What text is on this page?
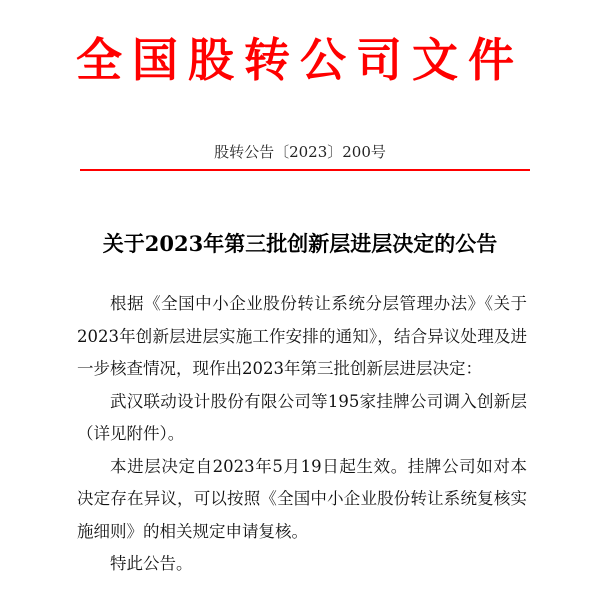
全国股转公司文件
股转公告〔2023〕200号
关于2023年第三批创新层进层决定的公告

根据《全国中小企业股份转让系统分层管理办法》《关于2023年创新层进层实施工作安排的通知》，结合异议处理及进一步核查情况，现作出2023年第三批创新层进层决定：

武汉联动设计股份有限公司等195家挂牌公司调入创新层（详见附件）。

本进层决定自2023年5月19日起生效。挂牌公司如对本决定存在异议，可以按照《全国中小企业股份转让系统复核实施细则》的相关规定申请复核。

特此公告。
